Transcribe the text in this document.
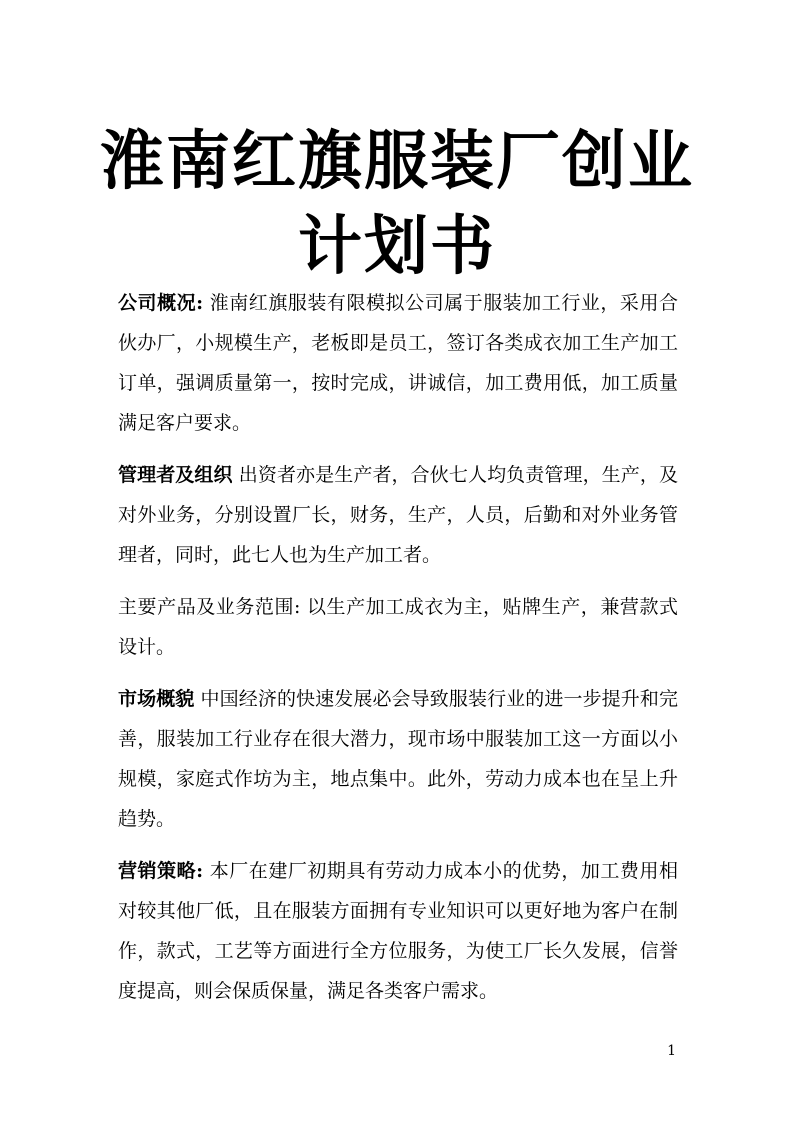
淮南红旗服装厂创业
计划书

公司概况: 淮南红旗服装有限模拟公司属于服装加工行业，采用合伙办厂，小规模生产，老板即是员工，签订各类成衣加工生产加工订单，强调质量第一，按时完成，讲诚信，加工费用低，加工质量满足客户要求。

管理者及组织 出资者亦是生产者，合伙七人均负责管理，生产，及对外业务，分别设置厂长，财务，生产，人员，后勤和对外业务管理者，同时，此七人也为生产加工者。

主要产品及业务范围: 以生产加工成衣为主，贴牌生产，兼营款式设计。

市场概貌 中国经济的快速发展必会导致服装行业的进一步提升和完善，服装加工行业存在很大潜力，现市场中服装加工这一方面以小规模，家庭式作坊为主，地点集中。此外，劳动力成本也在呈上升趋势。

营销策略: 本厂在建厂初期具有劳动力成本小的优势，加工费用相对较其他厂低，且在服装方面拥有专业知识可以更好地为客户在制作，款式，工艺等方面进行全方位服务，为使工厂长久发展，信誉度提高，则会保质保量，满足各类客户需求。

1
